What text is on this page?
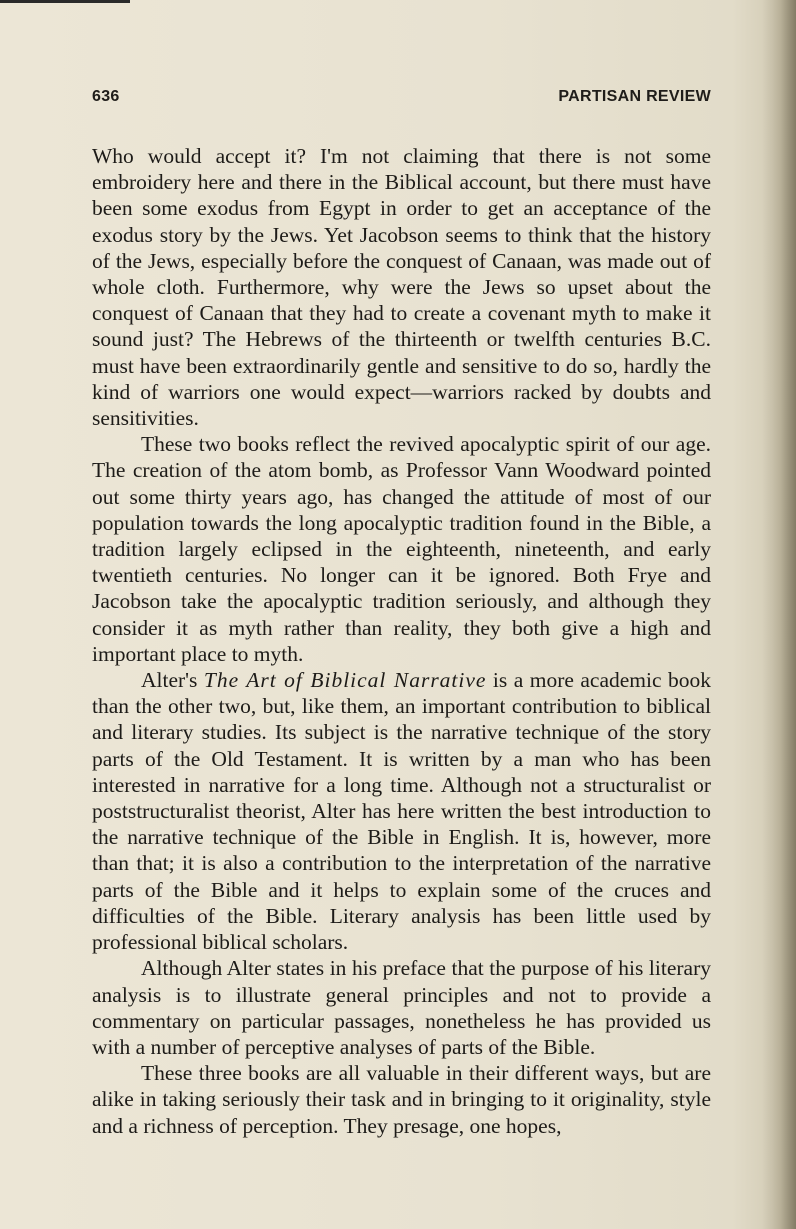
636	PARTISAN REVIEW

Who would accept it? I'm not claiming that there is not some embroidery here and there in the Biblical account, but there must have been some exodus from Egypt in order to get an acceptance of the exodus story by the Jews. Yet Jacobson seems to think that the history of the Jews, especially before the conquest of Canaan, was made out of whole cloth. Furthermore, why were the Jews so upset about the conquest of Canaan that they had to create a covenant myth to make it sound just? The Hebrews of the thirteenth or twelfth centuries B.C. must have been extraordinarily gentle and sensitive to do so, hardly the kind of warriors one would expect—warriors racked by doubts and sensitivities.

These two books reflect the revived apocalyptic spirit of our age. The creation of the atom bomb, as Professor Vann Woodward pointed out some thirty years ago, has changed the attitude of most of our population towards the long apocalyptic tradition found in the Bible, a tradition largely eclipsed in the eighteenth, nineteenth, and early twentieth centuries. No longer can it be ignored. Both Frye and Jacobson take the apocalyptic tradition seriously, and although they consider it as myth rather than reality, they both give a high and important place to myth.

Alter's The Art of Biblical Narrative is a more academic book than the other two, but, like them, an important contribution to biblical and literary studies. Its subject is the narrative technique of the story parts of the Old Testament. It is written by a man who has been interested in narrative for a long time. Although not a structuralist or poststructuralist theorist, Alter has here written the best introduction to the narrative technique of the Bible in English. It is, however, more than that; it is also a contribution to the interpretation of the narrative parts of the Bible and it helps to explain some of the cruces and difficulties of the Bible. Literary analysis has been little used by professional biblical scholars.

Although Alter states in his preface that the purpose of his literary analysis is to illustrate general principles and not to provide a commentary on particular passages, nonetheless he has provided us with a number of perceptive analyses of parts of the Bible.

These three books are all valuable in their different ways, but are alike in taking seriously their task and in bringing to it originality, style and a richness of perception. They presage, one hopes,
